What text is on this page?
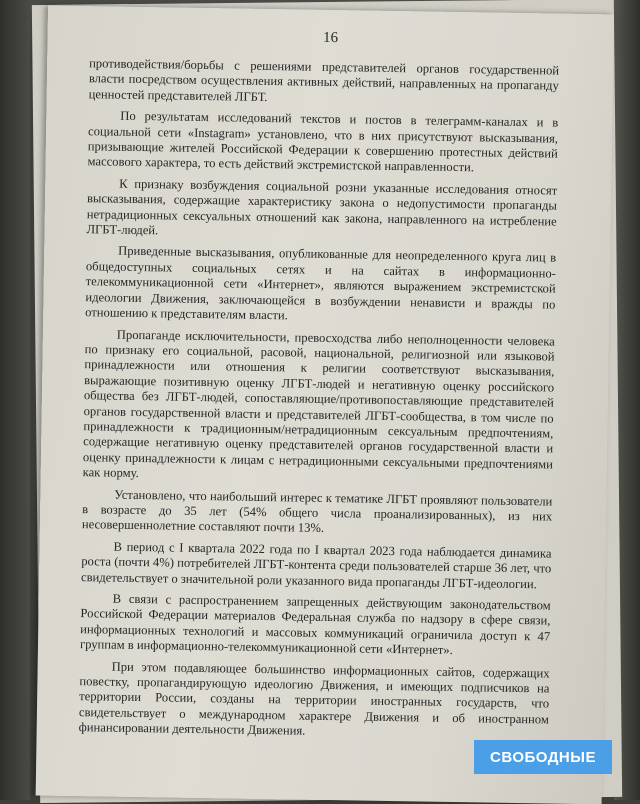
16

противодействия/борьбы с решениями представителей органов государственной власти посредством осуществления активных действий, направленных на пропаганду ценностей представителей ЛГБТ.

По результатам исследований текстов и постов в телеграмм-каналах и в социальной сети «Instagram» установлено, что в них присутствуют высказывания, призывающие жителей Российской Федерации к совершению протестных действий массового характера, то есть действий экстремистской направленности.

К признаку возбуждения социальной розни указанные исследования относят высказывания, содержащие характеристику закона о недопустимости пропаганды нетрадиционных сексуальных отношений как закона, направленного на истребление ЛГБТ-людей.

Приведенные высказывания, опубликованные для неопределенного круга лиц в общедоступных социальных сетях и на сайтах в информационно-телекоммуникационной сети «Интернет», являются выражением экстремистской идеологии Движения, заключающейся в возбуждении ненависти и вражды по отношению к представителям власти.

Пропаганде исключительности, превосходства либо неполноценности человека по признаку его социальной, расовой, национальной, религиозной или языковой принадлежности или отношения к религии соответствуют высказывания, выражающие позитивную оценку ЛГБТ-людей и негативную оценку российского общества без ЛГБТ-людей, сопоставляющие/противопоставляющие представителей органов государственной власти и представителей ЛГБТ-сообщества, в том числе по принадлежности к традиционным/нетрадиционным сексуальным предпочтениям, содержащие негативную оценку представителей органов государственной власти и оценку принадлежности к лицам с нетрадиционными сексуальными предпочтениями как норму.

Установлено, что наибольший интерес к тематике ЛГБТ проявляют пользователи в возрасте до 35 лет (54% общего числа проанализированных), из них несовершеннолетние составляют почти 13%.

В период с I квартала 2022 года по I квартал 2023 года наблюдается динамика роста (почти 4%) потребителей ЛГБТ-контента среди пользователей старше 36 лет, что свидетельствует о значительной роли указанного вида пропаганды ЛГБТ-идеологии.

В связи с распространением запрещенных действующим законодательством Российской Федерации материалов Федеральная служба по надзору в сфере связи, информационных технологий и массовых коммуникаций ограничила доступ к 47 группам в информационно-телекоммуникационной сети «Интернет».

При этом подавляющее большинство информационных сайтов, содержащих повестку, пропагандирующую идеологию Движения, и имеющих подписчиков на территории России, созданы на территории иностранных государств, что свидетельствует о международном характере Движения и об иностранном финансировании деятельности Движения.

СВОБОДНЫЕ
